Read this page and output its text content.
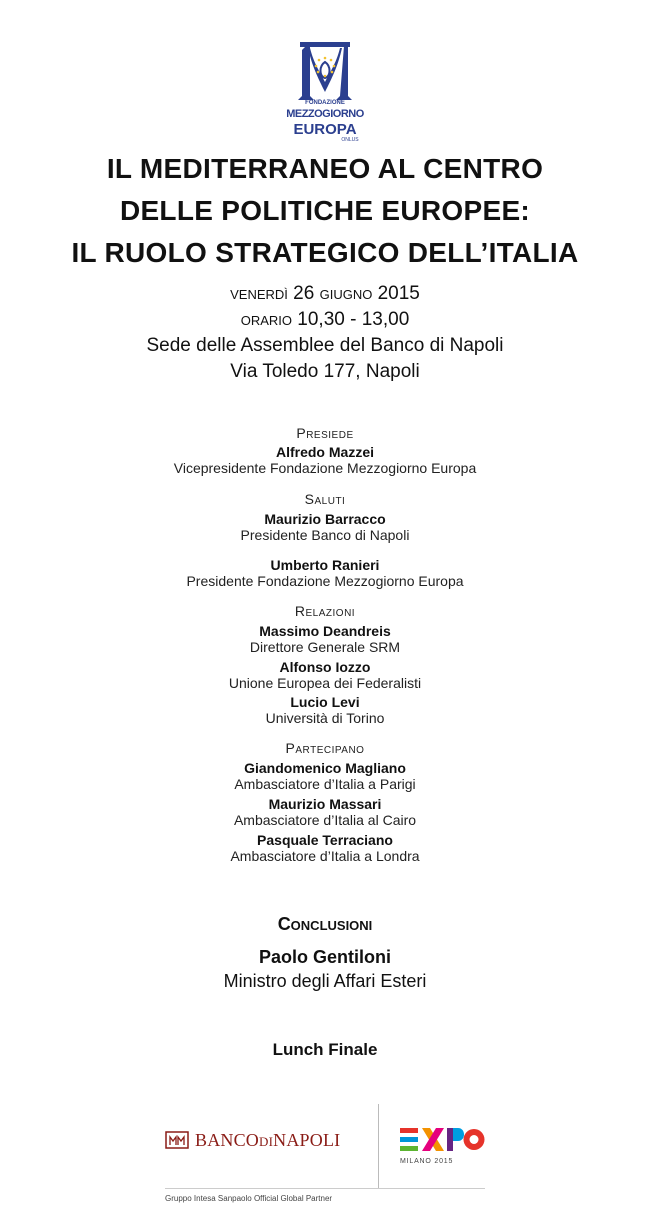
FONDAZIONE
MEZZOGIORNO
EUROPA
ONLUS
IL MEDITERRANEO AL CENTRO
DELLE POLITICHE EUROPEE:
IL RUOLO STRATEGICO DELL’ITALIA
venerdì 26 giugno 2015
orario 10,30 - 13,00
Sede delle Assemblee del Banco di Napoli
Via Toledo 177, Napoli
Presiede
Alfredo Mazzei
Vicepresidente Fondazione Mezzogiorno Europa
Saluti
Maurizio Barracco
Presidente Banco di Napoli
Umberto Ranieri
Presidente Fondazione Mezzogiorno Europa
Relazioni
Massimo Deandreis
Direttore Generale SRM
Alfonso Iozzo
Unione Europea dei Federalisti
Lucio Levi
Università di Torino
Partecipano
Giandomenico Magliano
Ambasciatore d’Italia a Parigi
Maurizio Massari
Ambasciatore d’Italia al Cairo
Pasquale Terraciano
Ambasciatore d’Italia a Londra
Conclusioni
Paolo Gentiloni
Ministro degli Affari Esteri
Lunch Finale
BANCODINAPOLI
MILANO 2015
Gruppo Intesa Sanpaolo Official Global Partner
